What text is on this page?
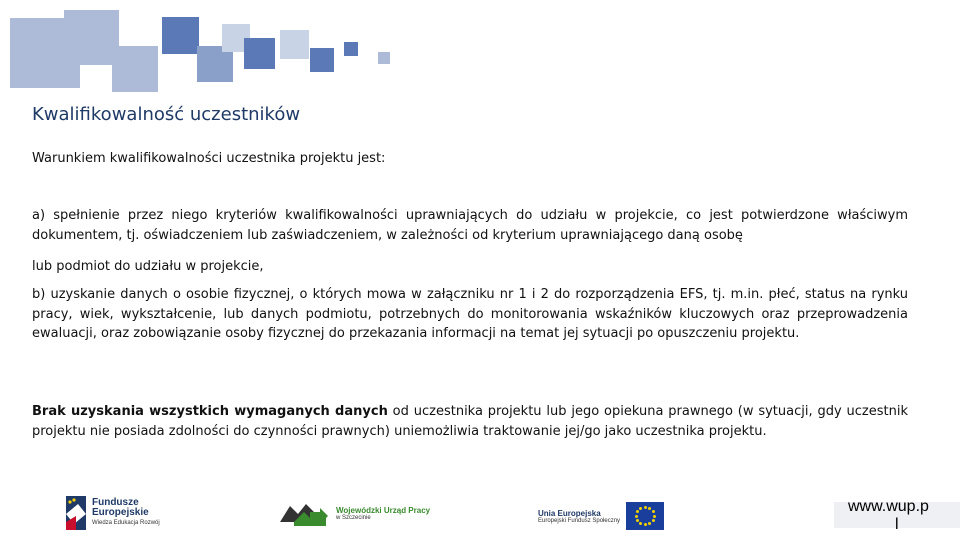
Kwalifikowalność uczestników

Warunkiem kwalifikowalności uczestnika projektu jest:

a) spełnienie przez niego kryteriów kwalifikowalności uprawniających do udziału w projekcie, co jest potwierdzone właściwym dokumentem, tj. oświadczeniem lub zaświadczeniem, w zależności od kryterium uprawniającego daną osobę

lub podmiot do udziału w projekcie,

b) uzyskanie danych o osobie fizycznej, o których mowa w załączniku nr 1 i 2 do rozporządzenia EFS, tj. m.in. płeć, status na rynku pracy, wiek, wykształcenie, lub danych podmiotu, potrzebnych do monitorowania wskaźników kluczowych oraz przeprowadzenia ewaluacji, oraz zobowiązanie osoby fizycznej do przekazania informacji na temat jej sytuacji po opuszczeniu projektu.

Brak uzyskania wszystkich wymaganych danych od uczestnika projektu lub jego opiekuna prawnego (w sytuacji, gdy uczestnik projektu nie posiada zdolności do czynności prawnych) uniemożliwia traktowanie jej/go jako uczestnika projektu.

Fundusze
Europejskie
Wiedza Edukacja Rozwój
Wojewódzki Urząd Pracy
w Szczecinie	Unia Europejska
Europejski Fundusz Społeczny
www.wup.p
l
